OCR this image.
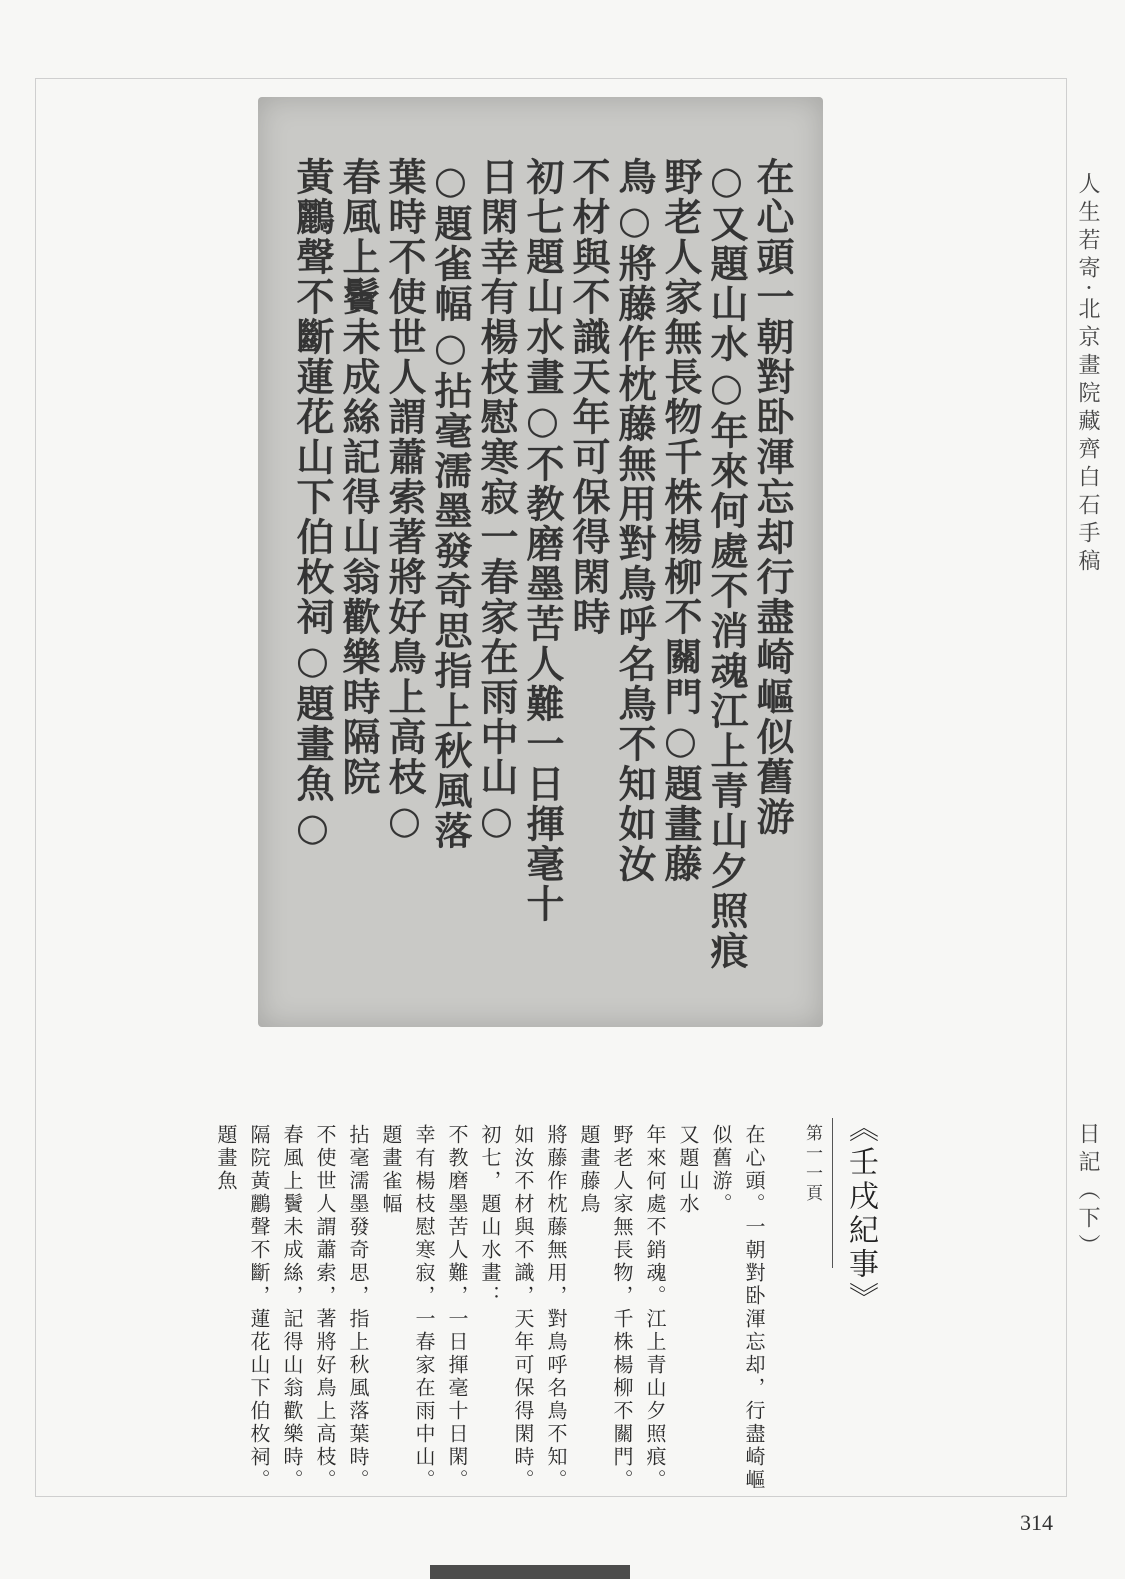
在心頭一朝對卧渾忘却行盡崎嶇似舊游
○又題山水○年來何處不消魂江上青山夕照痕
野老人家無長物千株楊柳不關門○題畫藤
鳥○將藤作枕藤無用對鳥呼名鳥不知如汝
不材與不識天年可保得閑時
初七題山水畫○不教磨墨苦人難一日揮毫十
日閑幸有楊枝慰寒寂一春家在雨中山○
○題雀幅○拈毫濡墨發奇思指上秋風落
葉時不使世人謂蕭索著將好鳥上高枝○
春風上鬢未成絲記得山翁歡樂時隔院
黃鸝聲不斷蓮花山下伯枚祠○題畫魚○	人生若寄·北京畫院藏齊白石手稿
日記（下）
《壬戌紀事》
第一一頁
在心頭。一朝對卧渾忘却，行盡崎嶇
似舊游。
又題山水
年來何處不銷魂。江上青山夕照痕。
野老人家無長物，千株楊柳不關門。
題畫藤鳥
將藤作枕藤無用，對鳥呼名鳥不知。
如汝不材與不識，天年可保得閑時。
初七，題山水畫：
不教磨墨苦人難，一日揮毫十日閑。
幸有楊枝慰寒寂，一春家在雨中山。
題畫雀幅
拈毫濡墨發奇思，指上秋風落葉時。
不使世人謂蕭索，著將好鳥上高枝。
春風上鬢未成絲，記得山翁歡樂時。
隔院黃鸝聲不斷，蓮花山下伯枚祠。
題畫魚
314
